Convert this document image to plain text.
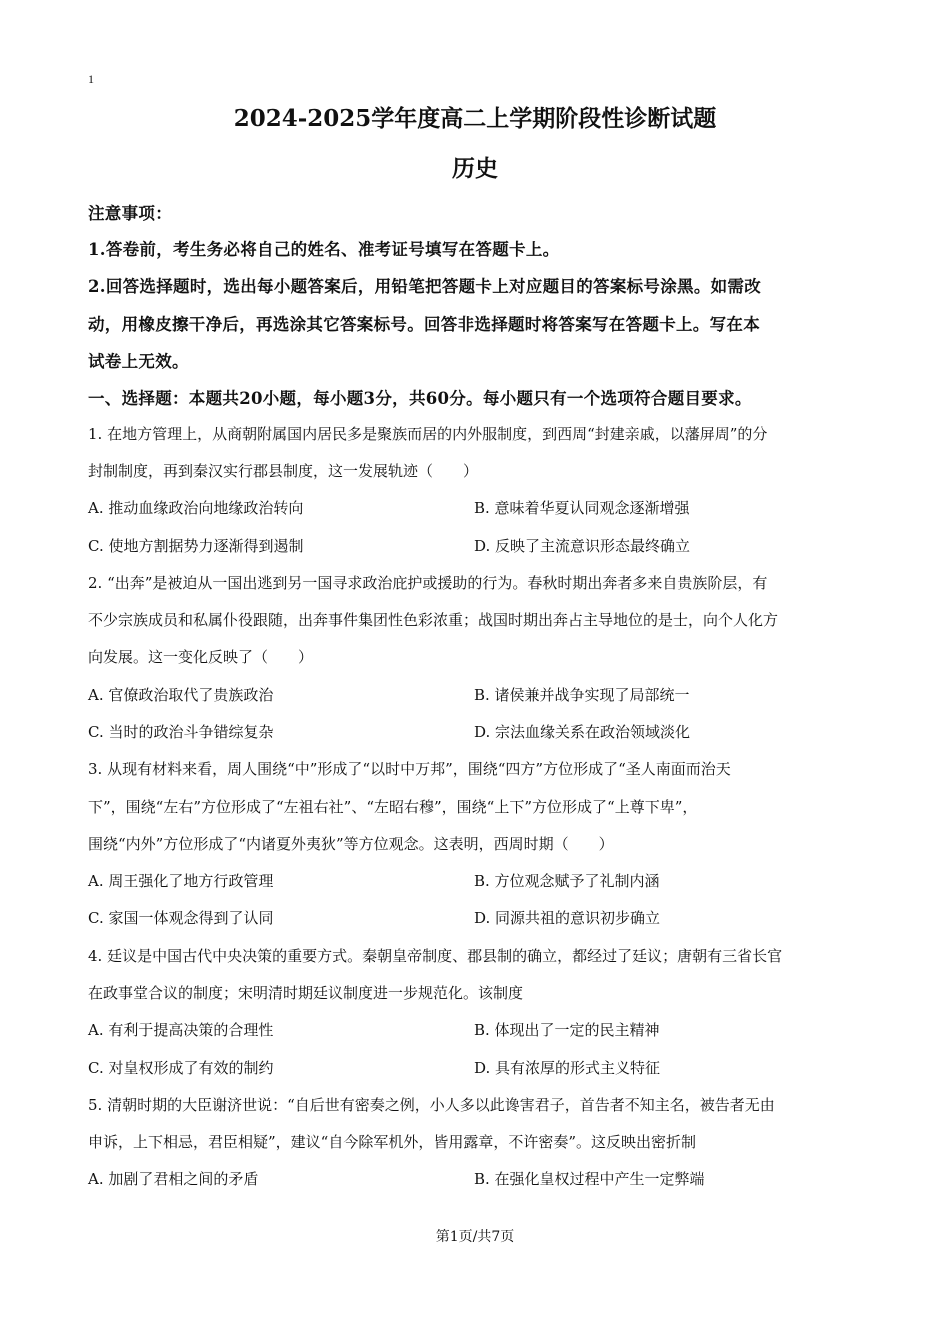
1
2024-2025学年度高二上学期阶段性诊断试题
历史
注意事项：
1.答卷前，考生务必将自己的姓名、准考证号填写在答题卡上。
2.回答选择题时，选出每小题答案后，用铅笔把答题卡上对应题目的答案标号涂黑。如需改
动，用橡皮擦干净后，再选涂其它答案标号。回答非选择题时将答案写在答题卡上。写在本
试卷上无效。
一、选择题：本题共20小题，每小题3分，共60分。每小题只有一个选项符合题目要求。
1. 在地方管理上，从商朝附属国内居民多是聚族而居的内外服制度，到西周“封建亲戚，以藩屏周”的分
封制制度，再到秦汉实行郡县制度，这一发展轨迹（　　）
A. 推动血缘政治向地缘政治转向	B. 意味着华夏认同观念逐渐增强
C. 使地方割据势力逐渐得到遏制	D. 反映了主流意识形态最终确立
2. “出奔”是被迫从一国出逃到另一国寻求政治庇护或援助的行为。春秋时期出奔者多来自贵族阶层，有
不少宗族成员和私属仆役跟随，出奔事件集团性色彩浓重；战国时期出奔占主导地位的是士，向个人化方
向发展。这一变化反映了（　　）
A. 官僚政治取代了贵族政治	B. 诸侯兼并战争实现了局部统一
C. 当时的政治斗争错综复杂	D. 宗法血缘关系在政治领域淡化
3. 从现有材料来看，周人围绕“中”形成了“以时中万邦”，围绕“四方”方位形成了“圣人南面而治天
下”，围绕“左右”方位形成了“左祖右社”、“左昭右穆”，围绕“上下”方位形成了“上尊下卑”，
围绕“内外”方位形成了“内诸夏外夷狄”等方位观念。这表明，西周时期（　　）
A. 周王强化了地方行政管理	B. 方位观念赋予了礼制内涵
C. 家国一体观念得到了认同	D. 同源共祖的意识初步确立
4. 廷议是中国古代中央决策的重要方式。秦朝皇帝制度、郡县制的确立，都经过了廷议；唐朝有三省长官
在政事堂合议的制度；宋明清时期廷议制度进一步规范化。该制度
A. 有利于提高决策的合理性	B. 体现出了一定的民主精神
C. 对皇权形成了有效的制约	D. 具有浓厚的形式主义特征
5. 清朝时期的大臣谢济世说：“自后世有密奏之例，小人多以此谗害君子，首告者不知主名，被告者无由
申诉，上下相忌，君臣相疑”，建议“自今除军机外，皆用露章，不许密奏”。这反映出密折制
A. 加剧了君相之间的矛盾	B. 在强化皇权过程中产生一定弊端
第1页/共7页
